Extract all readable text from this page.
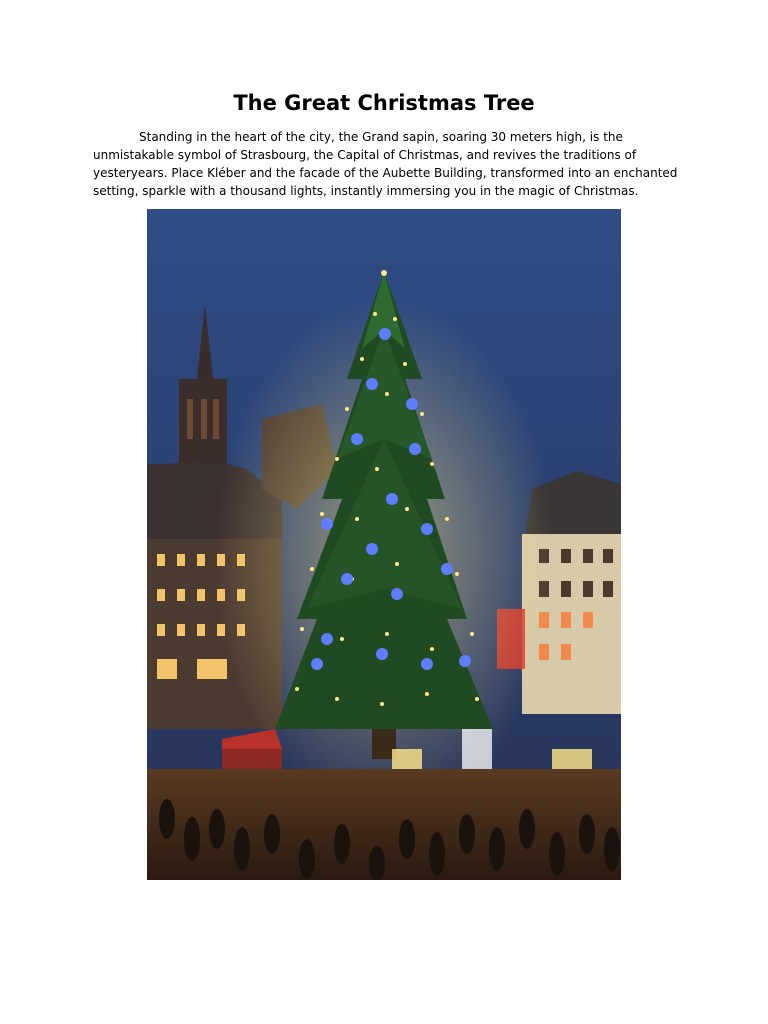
The Great Christmas Tree

Standing in the heart of the city, the Grand sapin, soaring 30 meters high, is the unmistakable symbol of Strasbourg, the Capital of Christmas, and revives the traditions of yesteryears. Place Kléber and the facade of the Aubette Building, transformed into an enchanted setting, sparkle with a thousand lights, instantly immersing you in the magic of Christmas.
